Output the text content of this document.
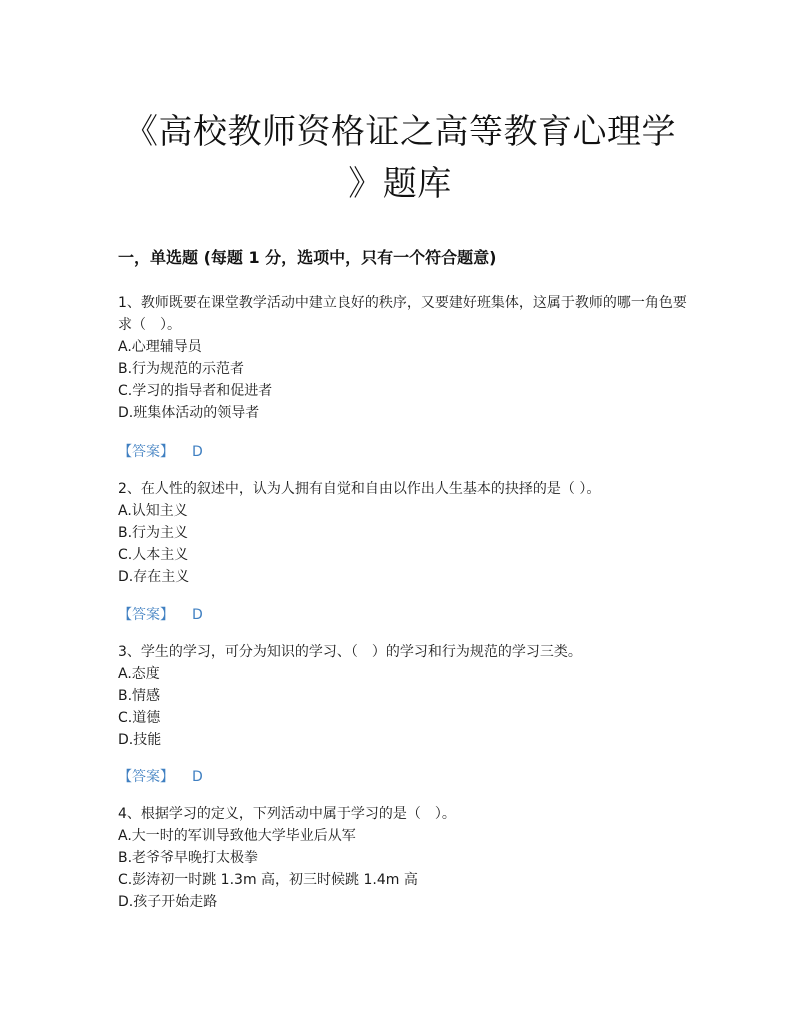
《高校教师资格证之高等教育心理学
》题库
一，单选题 (每题 1 分，选项中，只有一个符合题意)
1、教师既要在课堂教学活动中建立良好的秩序，又要建好班集体，这属于教师的哪一角色要求（　）。
A.心理辅导员
B.行为规范的示范者
C.学习的指导者和促进者
D.班集体活动的领导者
【答案】 D
2、在人性的叙述中，认为人拥有自觉和自由以作出人生基本的抉择的是（ ）。
A.认知主义
B.行为主义
C.人本主义
D.存在主义
【答案】 D
3、学生的学习，可分为知识的学习、（　）的学习和行为规范的学习三类。
A.态度
B.情感
C.道德
D.技能
【答案】 D
4、根据学习的定义，下列活动中属于学习的是（　）。
A.大一时的军训导致他大学毕业后从军
B.老爷爷早晚打太极拳
C.彭涛初一时跳 1.3m 高，初三时候跳 1.4m 高
D.孩子开始走路
